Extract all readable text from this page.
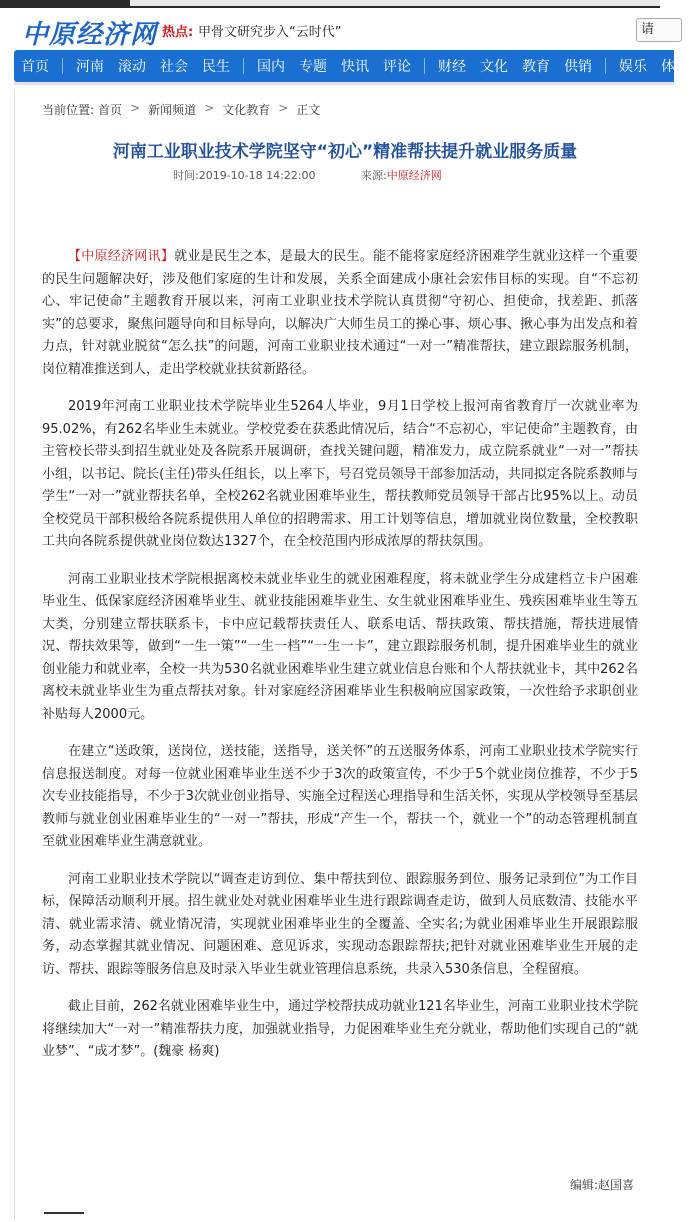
中原经济网 热点: 甲骨文研究步入“云时代”	请
首页	河南	滚动	社会	民生	国内	专题	快讯	评论	财经	文化	教育	供销	娱乐	体
当前位置: 首页 > 新闻频道 > 文化教育 > 正文
河南工业职业技术学院坚守“初心”精准帮扶提升就业服务质量
时间:2019-10-18 14:22:00	来源:中原经济网

【中原经济网讯】就业是民生之本，是最大的民生。能不能将家庭经济困难学生就业这样一个重要的民生问题解决好，涉及他们家庭的生计和发展，关系全面建成小康社会宏伟目标的实现。自“不忘初心、牢记使命”主题教育开展以来，河南工业职业技术学院认真贯彻“守初心、担使命，找差距、抓落实”的总要求，聚焦问题导向和目标导向，以解决广大师生员工的操心事、烦心事、揪心事为出发点和着力点，针对就业脱贫“怎么扶”的问题，河南工业职业技术通过“一对一”精准帮扶，建立跟踪服务机制，岗位精准推送到人，走出学校就业扶贫新路径。

2019年河南工业职业技术学院毕业生5264人毕业，9月1日学校上报河南省教育厅一次就业率为95.02%，有262名毕业生未就业。学校党委在获悉此情况后，结合“不忘初心，牢记使命”主题教育，由主管校长带头到招生就业处及各院系开展调研，查找关键问题，精准发力，成立院系就业“一对一”帮扶小组，以书记、院长(主任)带头任组长，以上率下，号召党员领导干部参加活动，共同拟定各院系教师与学生“一对一”就业帮扶名单，全校262名就业困难毕业生，帮扶教师党员领导干部占比95%以上。动员全校党员干部积极给各院系提供用人单位的招聘需求、用工计划等信息，增加就业岗位数量，全校教职工共向各院系提供就业岗位数达1327个，在全校范围内形成浓厚的帮扶氛围。

河南工业职业技术学院根据离校未就业毕业生的就业困难程度，将未就业学生分成建档立卡户困难毕业生、低保家庭经济困难毕业生、就业技能困难毕业生、女生就业困难毕业生、残疾困难毕业生等五大类，分别建立帮扶联系卡，卡中应记载帮扶责任人、联系电话、帮扶政策、帮扶措施，帮扶进展情况、帮扶效果等，做到“一生一策”“一生一档”“一生一卡”，建立跟踪服务机制，提升困难毕业生的就业创业能力和就业率，全校一共为530名就业困难毕业生建立就业信息台账和个人帮扶就业卡，其中262名离校未就业毕业生为重点帮扶对象。针对家庭经济困难毕业生积极响应国家政策，一次性给予求职创业补贴每人2000元。

在建立“送政策，送岗位，送技能，送指导，送关怀”的五送服务体系，河南工业职业技术学院实行信息报送制度。对每一位就业困难毕业生送不少于3次的政策宣传，不少于5个就业岗位推荐，不少于5次专业技能指导，不少于3次就业创业指导、实施全过程送心理指导和生活关怀，实现从学校领导至基层教师与就业创业困难毕业生的“一对一”帮扶，形成“产生一个，帮扶一个，就业一个”的动态管理机制直至就业困难毕业生满意就业。

河南工业职业技术学院以“调查走访到位、集中帮扶到位、跟踪服务到位、服务记录到位”为工作目标，保障活动顺利开展。招生就业处对就业困难毕业生进行跟踪调查走访，做到人员底数清、技能水平清、就业需求清、就业情况清，实现就业困难毕业生的全覆盖、全实名;为就业困难毕业生开展跟踪服务，动态掌握其就业情况、问题困难、意见诉求，实现动态跟踪帮扶;把针对就业困难毕业生开展的走访、帮扶、跟踪等服务信息及时录入毕业生就业管理信息系统，共录入530条信息，全程留痕。

截止目前，262名就业困难毕业生中，通过学校帮扶成功就业121名毕业生，河南工业职业技术学院将继续加大“一对一”精准帮扶力度，加强就业指导，力促困难毕业生充分就业，帮助他们实现自己的“就业梦”、“成才梦”。(魏豪 杨爽)

编辑:赵国喜
